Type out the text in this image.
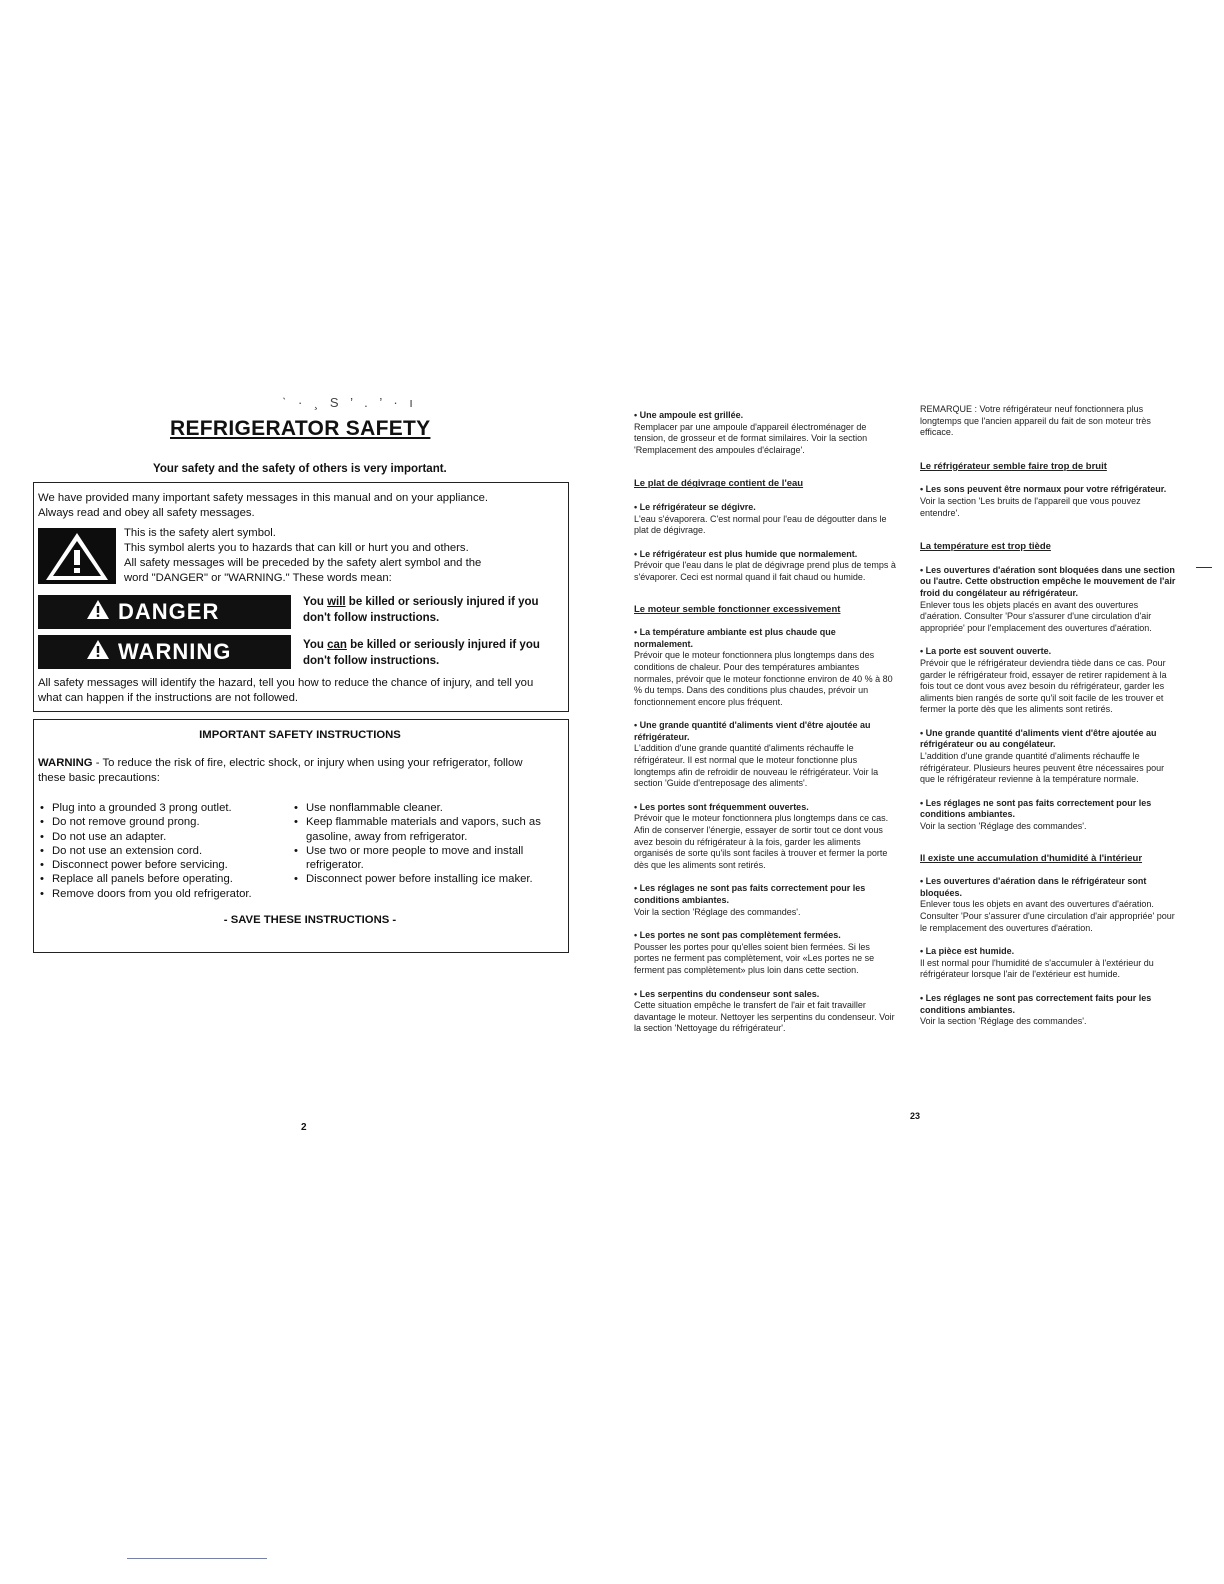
ˋ · ¸ S ’ . ’ · ı
REFRIGERATOR SAFETY
Your safety and the safety of others is very important.
We have provided many important safety messages in this manual and on your appliance.
Always read and obey all safety messages.
This is the safety alert symbol.
This symbol alerts you to hazards that can kill or hurt you and others.
All safety messages will be preceded by the safety alert symbol and the
word "DANGER" or "WARNING." These words mean:
DANGER	You will be killed or seriously injured if you
don't follow instructions.
WARNING	You can be killed or seriously injured if you
don't follow instructions.
All safety messages will identify the hazard, tell you how to reduce the chance of injury, and tell you
what can happen if the instructions are not followed.
IMPORTANT SAFETY INSTRUCTIONS
WARNING - To reduce the risk of fire, electric shock, or injury when using your refrigerator, follow
these basic precautions:
• Plug into a grounded 3 prong outlet.
• Do not remove ground prong.
• Do not use an adapter.
• Do not use an extension cord.
• Disconnect power before servicing.
• Replace all panels before operating.
• Remove doors from you old refrigerator.
• Use nonflammable cleaner.
• Keep flammable materials and vapors, such as gasoline, away from refrigerator.
• Use two or more people to move and install refrigerator.
• Disconnect power before installing ice maker.
- SAVE THESE INSTRUCTIONS -
2
• Une ampoule est grillée.
Remplacer par une ampoule d'appareil électroménager de tension, de grosseur et de format similaires. Voir la section 'Remplacement des ampoules d'éclairage'.
Le plat de dégivrage contient de l'eau
• Le réfrigérateur se dégivre.
L'eau s'évaporera. C'est normal pour l'eau de dégoutter dans le plat de dégivrage.
• Le réfrigérateur est plus humide que normalement.
Prévoir que l'eau dans le plat de dégivrage prend plus de temps à s'évaporer. Ceci est normal quand il fait chaud ou humide.
Le moteur semble fonctionner excessivement
• La température ambiante est plus chaude que normalement.
Prévoir que le moteur fonctionnera plus longtemps dans des conditions de chaleur. Pour des températures ambiantes normales, prévoir que le moteur fonctionne environ de 40 % à 80 % du temps. Dans des conditions plus chaudes, prévoir un fonctionnement encore plus fréquent.
• Une grande quantité d'aliments vient d'être ajoutée au réfrigérateur.
L'addition d'une grande quantité d'aliments réchauffe le réfrigérateur. Il est normal que le moteur fonctionne plus longtemps afin de refroidir de nouveau le réfrigérateur. Voir la section 'Guide d'entreposage des aliments'.
• Les portes sont fréquemment ouvertes.
Prévoir que le moteur fonctionnera plus longtemps dans ce cas. Afin de conserver l'énergie, essayer de sortir tout ce dont vous avez besoin du réfrigérateur à la fois, garder les aliments organisés de sorte qu'ils sont faciles à trouver et fermer la porte dès que les aliments sont retirés.
• Les réglages ne sont pas faits correctement pour les conditions ambiantes.
Voir la section 'Réglage des commandes'.
• Les portes ne sont pas complètement fermées.
Pousser les portes pour qu'elles soient bien fermées. Si les portes ne ferment pas complètement, voir «Les portes ne se ferment pas complètement» plus loin dans cette section.
• Les serpentins du condenseur sont sales.
Cette situation empêche le transfert de l'air et fait travailler davantage le moteur. Nettoyer les serpentins du condenseur. Voir la section 'Nettoyage du réfrigérateur'.
REMARQUE : Votre réfrigérateur neuf fonctionnera plus longtemps que l'ancien appareil du fait de son moteur très efficace.
Le réfrigérateur semble faire trop de bruit
• Les sons peuvent être normaux pour votre réfrigérateur.
Voir la section 'Les bruits de l'appareil que vous pouvez entendre'.
La température est trop tiède
• Les ouvertures d'aération sont bloquées dans une section ou l'autre. Cette obstruction empêche le mouvement de l'air froid du congélateur au réfrigérateur.
Enlever tous les objets placés en avant des ouvertures d'aération. Consulter 'Pour s'assurer d'une circulation d'air appropriée' pour l'emplacement des ouvertures d'aération.
• La porte est souvent ouverte.
Prévoir que le réfrigérateur deviendra tiède dans ce cas. Pour garder le réfrigérateur froid, essayer de retirer rapidement à la fois tout ce dont vous avez besoin du réfrigérateur, garder les aliments bien rangés de sorte qu'il soit facile de les trouver et fermer la porte dès que les aliments sont retirés.
• Une grande quantité d'aliments vient d'être ajoutée au réfrigérateur ou au congélateur.
L'addition d'une grande quantité d'aliments réchauffe le réfrigérateur. Plusieurs heures peuvent être nécessaires pour que le réfrigérateur revienne à la température normale.
• Les réglages ne sont pas faits correctement pour les conditions ambiantes.
Voir la section 'Réglage des commandes'.
Il existe une accumulation d'humidité à l'intérieur
• Les ouvertures d'aération dans le réfrigérateur sont bloquées.
Enlever tous les objets en avant des ouvertures d'aération. Consulter 'Pour s'assurer d'une circulation d'air appropriée' pour le remplacement des ouvertures d'aération.
• La pièce est humide.
Il est normal pour l'humidité de s'accumuler à l'extérieur du réfrigérateur lorsque l'air de l'extérieur est humide.
• Les réglages ne sont pas correctement faits pour les conditions ambiantes.
Voir la section 'Réglage des commandes'.
23
